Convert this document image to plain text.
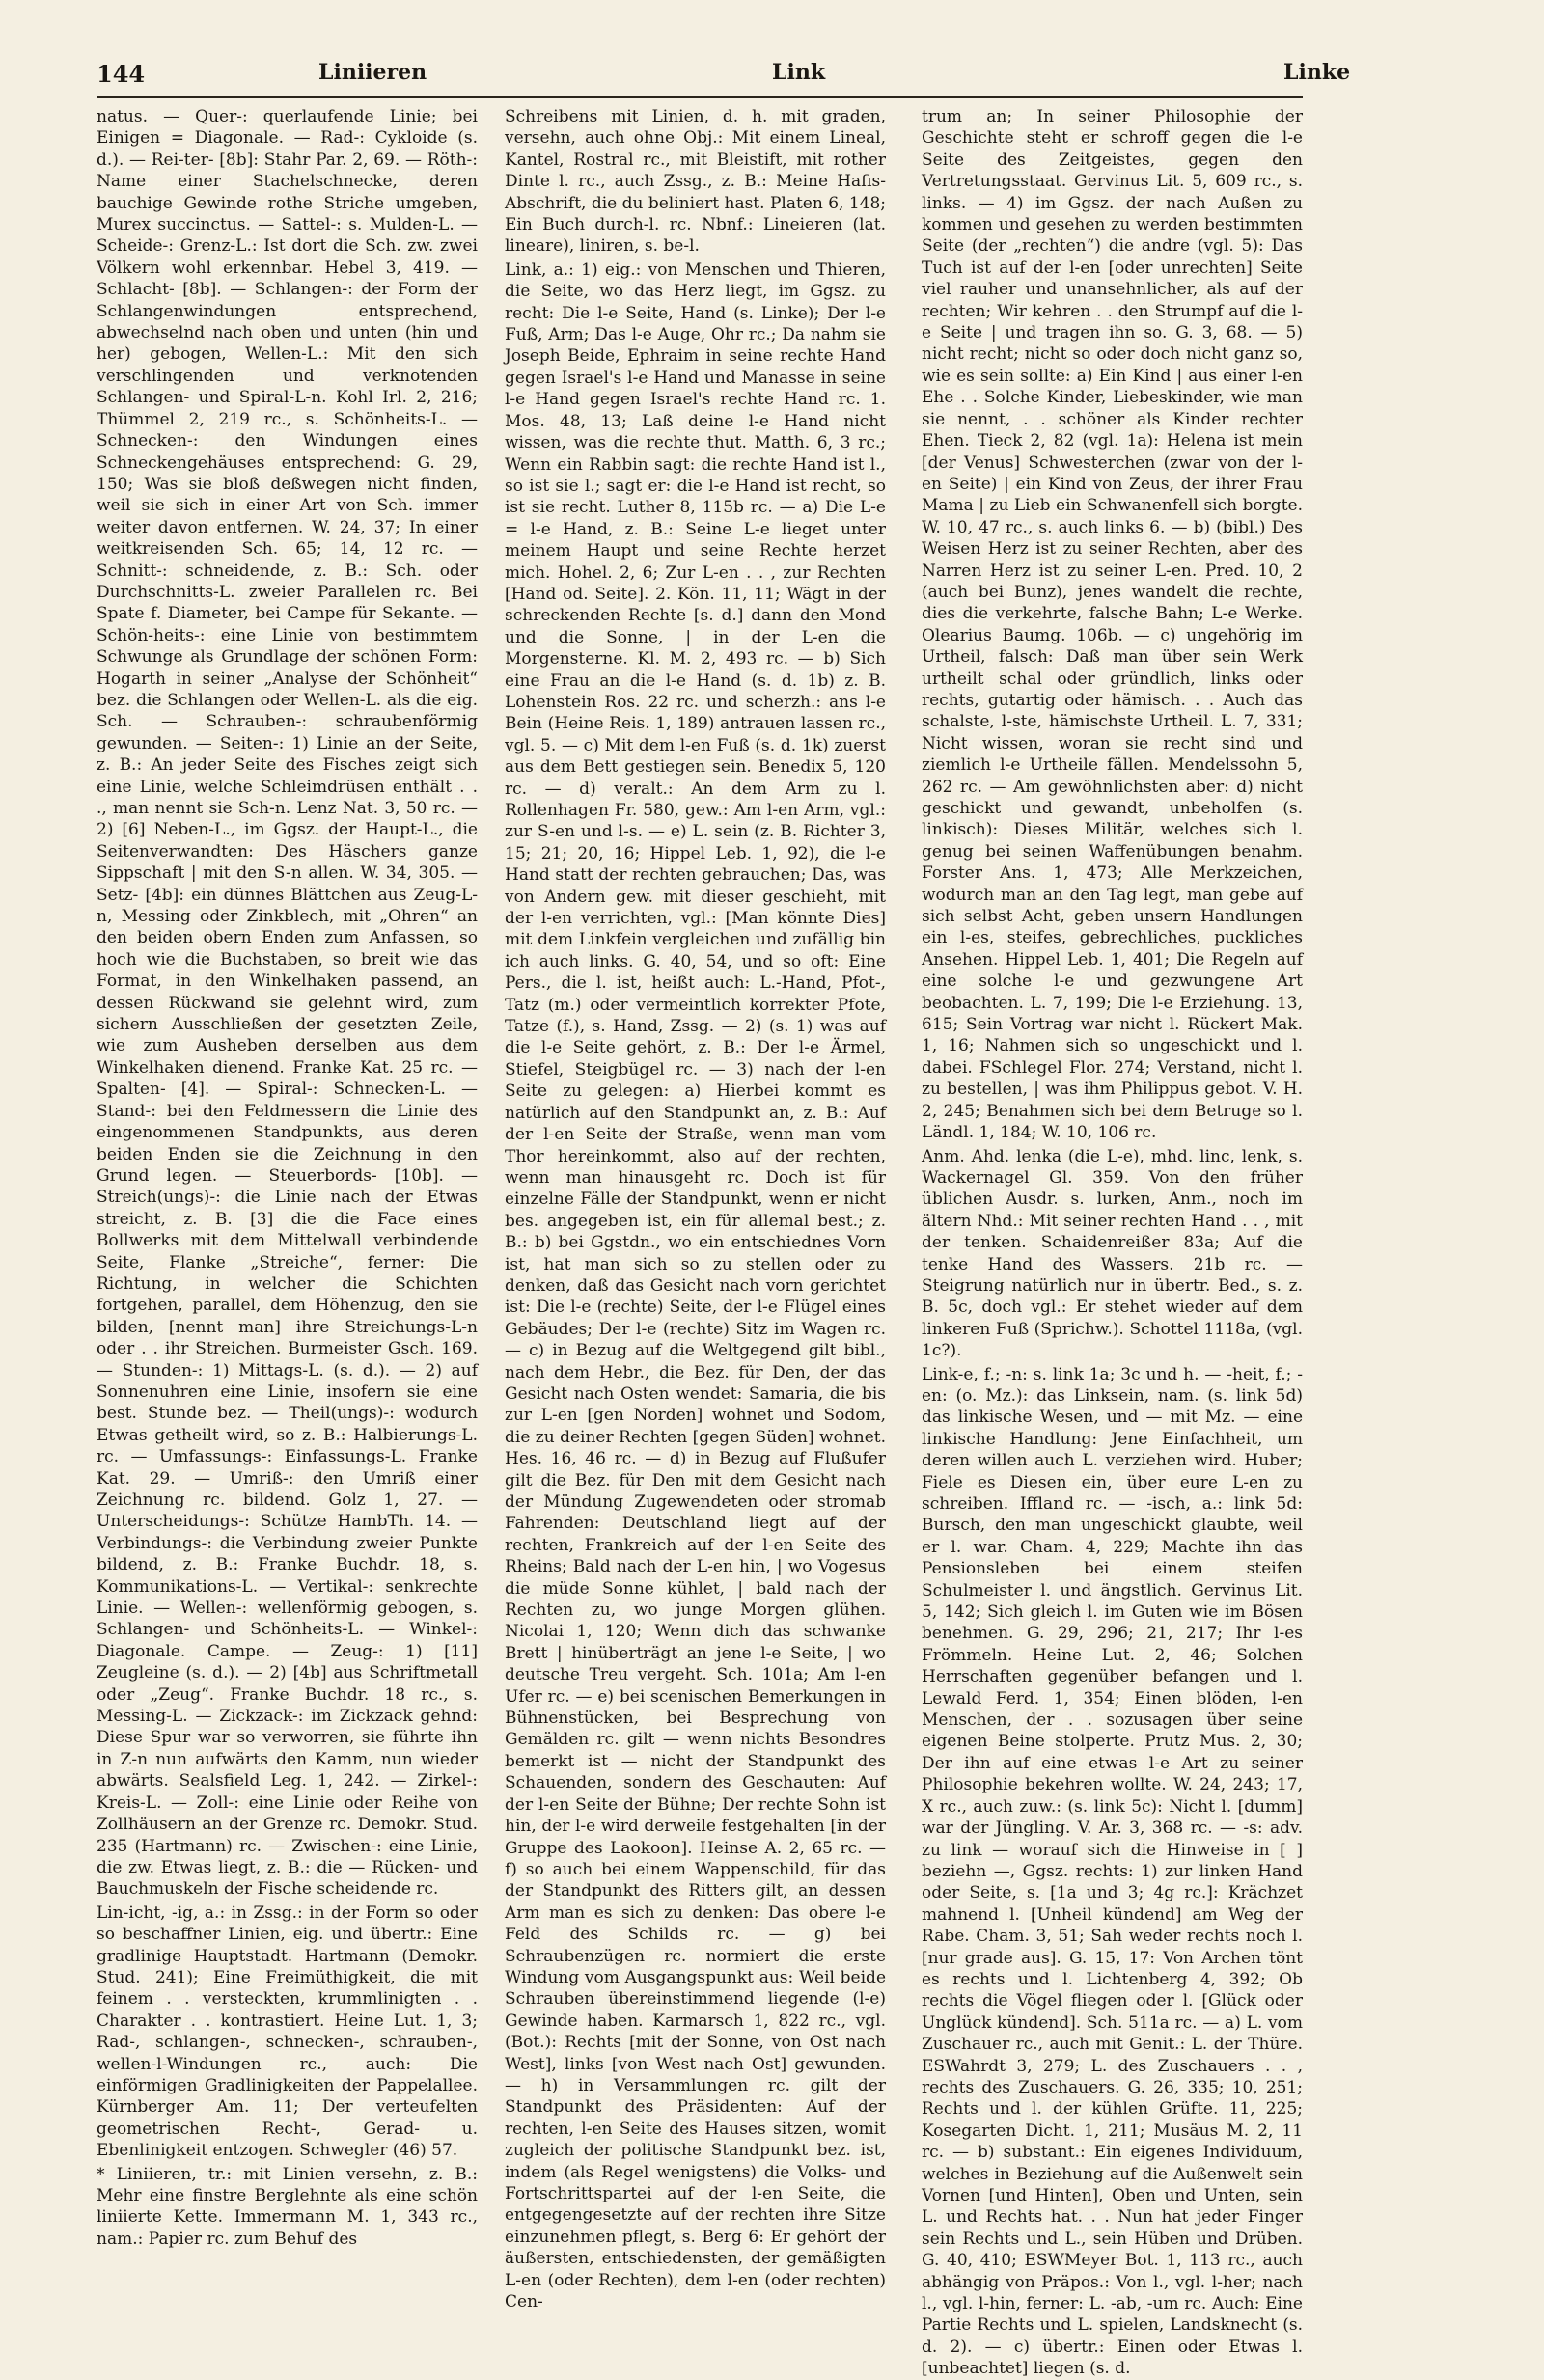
144	Liniieren	Link	Linke

natus. — Quer-: querlaufende Linie; bei Einigen = Diagonale. — Rad-: Cykloide (s. d.). — Rei-ter- [8b]: Stahr Par. 2, 69. — Röth-: Name einer Stachelschnecke, deren bauchige Gewinde rothe Striche umgeben, Murex succinctus. — Sattel-: s. Mulden-L. — Scheide-: Grenz-L.: Ist dort die Sch. zw. zwei Völkern wohl erkennbar. Hebel 3, 419. — Schlacht- [8b]. — Schlangen-: der Form der Schlangenwindungen entsprechend, abwechselnd nach oben und unten (hin und her) gebogen, Wellen-L.: Mit den sich verschlingenden und verknotenden Schlangen- und Spiral-L-n. Kohl Irl. 2, 216; Thümmel 2, 219 rc., s. Schönheits-L. — Schnecken-: den Windungen eines Schneckengehäuses entsprechend: G. 29, 150; Was sie bloß deßwegen nicht finden, weil sie sich in einer Art von Sch. immer weiter davon entfernen. W. 24, 37; In einer weitkreisenden Sch. 65; 14, 12 rc. — Schnitt-: schneidende, z. B.: Sch. oder Durchschnitts-L. zweier Parallelen rc. Bei Spate f. Diameter, bei Campe für Sekante. — Schön-heits-: eine Linie von bestimmtem Schwunge als Grundlage der schönen Form: Hogarth in seiner „Analyse der Schönheit“ bez. die Schlangen oder Wellen-L. als die eig. Sch. — Schrauben-: schraubenförmig gewunden. — Seiten-: 1) Linie an der Seite, z. B.: An jeder Seite des Fisches zeigt sich eine Linie, welche Schleimdrüsen enthält . . ., man nennt sie Sch-n. Lenz Nat. 3, 50 rc. — 2) [6] Neben-L., im Ggsz. der Haupt-L., die Seitenverwandten: Des Häschers ganze Sippschaft | mit den S-n allen. W. 34, 305. — Setz- [4b]: ein dünnes Blättchen aus Zeug-L-n, Messing oder Zinkblech, mit „Ohren“ an den beiden obern Enden zum Anfassen, so hoch wie die Buchstaben, so breit wie das Format, in den Winkelhaken passend, an dessen Rückwand sie gelehnt wird, zum sichern Ausschließen der gesetzten Zeile, wie zum Ausheben derselben aus dem Winkelhaken dienend. Franke Kat. 25 rc. — Spalten- [4]. — Spiral-: Schnecken-L. — Stand-: bei den Feldmessern die Linie des eingenommenen Standpunkts, aus deren beiden Enden sie die Zeichnung in den Grund legen. — Steuerbords- [10b]. — Streich(ungs)-: die Linie nach der Etwas streicht, z. B. [3] die die Face eines Bollwerks mit dem Mittelwall verbindende Seite, Flanke „Streiche“, ferner: Die Richtung, in welcher die Schichten fortgehen, parallel, dem Höhenzug, den sie bilden, [nennt man] ihre Streichungs-L-n oder . . ihr Streichen. Burmeister Gsch. 169. — Stunden-: 1) Mittags-L. (s. d.). — 2) auf Sonnenuhren eine Linie, insofern sie eine best. Stunde bez. — Theil(ungs)-: wodurch Etwas getheilt wird, so z. B.: Halbierungs-L. rc. — Umfassungs-: Einfassungs-L. Franke Kat. 29. — Umriß-: den Umriß einer Zeichnung rc. bildend. Golz 1, 27. — Unterscheidungs-: Schütze HambTh. 14. — Verbindungs-: die Verbindung zweier Punkte bildend, z. B.: Franke Buchdr. 18, s. Kommunikations-L. — Vertikal-: senkrechte Linie. — Wellen-: wellenförmig gebogen, s. Schlangen- und Schönheits-L. — Winkel-: Diagonale. Campe. — Zeug-: 1) [11] Zeugleine (s. d.). — 2) [4b] aus Schriftmetall oder „Zeug“. Franke Buchdr. 18 rc., s. Messing-L. — Zickzack-: im Zickzack gehnd: Diese Spur war so verworren, sie führte ihn in Z-n nun aufwärts den Kamm, nun wieder abwärts. Sealsfield Leg. 1, 242. — Zirkel-: Kreis-L. — Zoll-: eine Linie oder Reihe von Zollhäusern an der Grenze rc. Demokr. Stud. 235 (Hartmann) rc. — Zwischen-: eine Linie, die zw. Etwas liegt, z. B.: die — Rücken- und Bauchmuskeln der Fische scheidende rc.

Lin-icht, -ig, a.: in Zssg.: in der Form so oder so beschaffner Linien, eig. und übertr.: Eine gradlinige Hauptstadt. Hartmann (Demokr. Stud. 241); Eine Freimüthigkeit, die mit feinem . . versteckten, krummlinigten . . Charakter . . kontrastiert. Heine Lut. 1, 3; Rad-, schlangen-, schnecken-, schrauben-, wellen-l-Windungen rc., auch: Die einförmigen Gradlinigkeiten der Pappelallee. Kürnberger Am. 11; Der verteufelten geometrischen Recht-, Gerad- u. Ebenlinigkeit entzogen. Schwegler (46) 57.

* Liniieren, tr.: mit Linien versehn, z. B.: Mehr eine finstre Berglehnte als eine schön liniierte Kette. Immermann M. 1, 343 rc., nam.: Papier rc. zum Behuf des

Schreibens mit Linien, d. h. mit graden, versehn, auch ohne Obj.: Mit einem Lineal, Kantel, Rostral rc., mit Bleistift, mit rother Dinte l. rc., auch Zssg., z. B.: Meine Hafis-Abschrift, die du beliniert hast. Platen 6, 148; Ein Buch durch-l. rc. Nbnf.: Lineieren (lat. lineare), liniren, s. be-l.

Link, a.: 1) eig.: von Menschen und Thieren, die Seite, wo das Herz liegt, im Ggsz. zu recht: Die l-e Seite, Hand (s. Linke); Der l-e Fuß, Arm; Das l-e Auge, Ohr rc.; Da nahm sie Joseph Beide, Ephraim in seine rechte Hand gegen Israel's l-e Hand und Manasse in seine l-e Hand gegen Israel's rechte Hand rc. 1. Mos. 48, 13; Laß deine l-e Hand nicht wissen, was die rechte thut. Matth. 6, 3 rc.; Wenn ein Rabbin sagt: die rechte Hand ist l., so ist sie l.; sagt er: die l-e Hand ist recht, so ist sie recht. Luther 8, 115b rc. — a) Die L-e = l-e Hand, z. B.: Seine L-e lieget unter meinem Haupt und seine Rechte herzet mich. Hohel. 2, 6; Zur L-en . . , zur Rechten [Hand od. Seite]. 2. Kön. 11, 11; Wägt in der schreckenden Rechte [s. d.] dann den Mond und die Sonne, | in der L-en die Morgensterne. Kl. M. 2, 493 rc. — b) Sich eine Frau an die l-e Hand (s. d. 1b) z. B. Lohenstein Ros. 22 rc. und scherzh.: ans l-e Bein (Heine Reis. 1, 189) antrauen lassen rc., vgl. 5. — c) Mit dem l-en Fuß (s. d. 1k) zuerst aus dem Bett gestiegen sein. Benedix 5, 120 rc. — d) veralt.: An dem Arm zu l. Rollenhagen Fr. 580, gew.: Am l-en Arm, vgl.: zur S-en und l-s. — e) L. sein (z. B. Richter 3, 15; 21; 20, 16; Hippel Leb. 1, 92), die l-e Hand statt der rechten gebrauchen; Das, was von Andern gew. mit dieser geschieht, mit der l-en verrichten, vgl.: [Man könnte Dies] mit dem Linkfein vergleichen und zufällig bin ich auch links. G. 40, 54, und so oft: Eine Pers., die l. ist, heißt auch: L.-Hand, Pfot-, Tatz (m.) oder vermeintlich korrekter Pfote, Tatze (f.), s. Hand, Zssg. — 2) (s. 1) was auf die l-e Seite gehört, z. B.: Der l-e Ärmel, Stiefel, Steigbügel rc. — 3) nach der l-en Seite zu gelegen: a) Hierbei kommt es natürlich auf den Standpunkt an, z. B.: Auf der l-en Seite der Straße, wenn man vom Thor hereinkommt, also auf der rechten, wenn man hinausgeht rc. Doch ist für einzelne Fälle der Standpunkt, wenn er nicht bes. angegeben ist, ein für allemal best.; z. B.: b) bei Ggstdn., wo ein entschiednes Vorn ist, hat man sich so zu stellen oder zu denken, daß das Gesicht nach vorn gerichtet ist: Die l-e (rechte) Seite, der l-e Flügel eines Gebäudes; Der l-e (rechte) Sitz im Wagen rc. — c) in Bezug auf die Weltgegend gilt bibl., nach dem Hebr., die Bez. für Den, der das Gesicht nach Osten wendet: Samaria, die bis zur L-en [gen Norden] wohnet und Sodom, die zu deiner Rechten [gegen Süden] wohnet. Hes. 16, 46 rc. — d) in Bezug auf Flußufer gilt die Bez. für Den mit dem Gesicht nach der Mündung Zugewendeten oder stromab Fahrenden: Deutschland liegt auf der rechten, Frankreich auf der l-en Seite des Rheins; Bald nach der L-en hin, | wo Vogesus die müde Sonne kühlet, | bald nach der Rechten zu, wo junge Morgen glühen. Nicolai 1, 120; Wenn dich das schwanke Brett | hinüberträgt an jene l-e Seite, | wo deutsche Treu vergeht. Sch. 101a; Am l-en Ufer rc. — e) bei scenischen Bemerkungen in Bühnenstücken, bei Besprechung von Gemälden rc. gilt — wenn nichts Besondres bemerkt ist — nicht der Standpunkt des Schauenden, sondern des Geschauten: Auf der l-en Seite der Bühne; Der rechte Sohn ist hin, der l-e wird derweile festgehalten [in der Gruppe des Laokoon]. Heinse A. 2, 65 rc. — f) so auch bei einem Wappenschild, für das der Standpunkt des Ritters gilt, an dessen Arm man es sich zu denken: Das obere l-e Feld des Schilds rc. — g) bei Schraubenzügen rc. normiert die erste Windung vom Ausgangspunkt aus: Weil beide Schrauben übereinstimmend liegende (l-e) Gewinde haben. Karmarsch 1, 822 rc., vgl. (Bot.): Rechts [mit der Sonne, von Ost nach West], links [von West nach Ost] gewunden. — h) in Versammlungen rc. gilt der Standpunkt des Präsidenten: Auf der rechten, l-en Seite des Hauses sitzen, womit zugleich der politische Standpunkt bez. ist, indem (als Regel wenigstens) die Volks- und Fortschrittspartei auf der l-en Seite, die entgegengesetzte auf der rechten ihre Sitze einzunehmen pflegt, s. Berg 6: Er gehört der äußersten, entschiedensten, der gemäßigten L-en (oder Rechten), dem l-en (oder rechten) Cen-

trum an; In seiner Philosophie der Geschichte steht er schroff gegen die l-e Seite des Zeitgeistes, gegen den Vertretungsstaat. Gervinus Lit. 5, 609 rc., s. links. — 4) im Ggsz. der nach Außen zu kommen und gesehen zu werden bestimmten Seite (der „rechten“) die andre (vgl. 5): Das Tuch ist auf der l-en [oder unrechten] Seite viel rauher und unansehnlicher, als auf der rechten; Wir kehren . . den Strumpf auf die l-e Seite | und tragen ihn so. G. 3, 68. — 5) nicht recht; nicht so oder doch nicht ganz so, wie es sein sollte: a) Ein Kind | aus einer l-en Ehe . . Solche Kinder, Liebeskinder, wie man sie nennt, . . schöner als Kinder rechter Ehen. Tieck 2, 82 (vgl. 1a): Helena ist mein [der Venus] Schwesterchen (zwar von der l-en Seite) | ein Kind von Zeus, der ihrer Frau Mama | zu Lieb ein Schwanenfell sich borgte. W. 10, 47 rc., s. auch links 6. — b) (bibl.) Des Weisen Herz ist zu seiner Rechten, aber des Narren Herz ist zu seiner L-en. Pred. 10, 2 (auch bei Bunz), jenes wandelt die rechte, dies die verkehrte, falsche Bahn; L-e Werke. Olearius Baumg. 106b. — c) ungehörig im Urtheil, falsch: Daß man über sein Werk urtheilt schal oder gründlich, links oder rechts, gutartig oder hämisch. . . Auch das schalste, l-ste, hämischste Urtheil. L. 7, 331; Nicht wissen, woran sie recht sind und ziemlich l-e Urtheile fällen. Mendelssohn 5, 262 rc. — Am gewöhnlichsten aber: d) nicht geschickt und gewandt, unbeholfen (s. linkisch): Dieses Militär, welches sich l. genug bei seinen Waffenübungen benahm. Forster Ans. 1, 473; Alle Merkzeichen, wodurch man an den Tag legt, man gebe auf sich selbst Acht, geben unsern Handlungen ein l-es, steifes, gebrechliches, puckliches Ansehen. Hippel Leb. 1, 401; Die Regeln auf eine solche l-e und gezwungene Art beobachten. L. 7, 199; Die l-e Erziehung. 13, 615; Sein Vortrag war nicht l. Rückert Mak. 1, 16; Nahmen sich so ungeschickt und l. dabei. FSchlegel Flor. 274; Verstand, nicht l. zu bestellen, | was ihm Philippus gebot. V. H. 2, 245; Benahmen sich bei dem Betruge so l. Ländl. 1, 184; W. 10, 106 rc.

Anm. Ahd. lenka (die L-e), mhd. linc, lenk, s. Wackernagel Gl. 359. Von den früher üblichen Ausdr. s. lurken, Anm., noch im ältern Nhd.: Mit seiner rechten Hand . . , mit der tenken. Schaidenreißer 83a; Auf die tenke Hand des Wassers. 21b rc. — Steigrung natürlich nur in übertr. Bed., s. z. B. 5c, doch vgl.: Er stehet wieder auf dem linkeren Fuß (Sprichw.). Schottel 1118a, (vgl. 1c?).

Link-e, f.; -n: s. link 1a; 3c und h. — -heit, f.; -en: (o. Mz.): das Linksein, nam. (s. link 5d) das linkische Wesen, und — mit Mz. — eine linkische Handlung: Jene Einfachheit, um deren willen auch L. verziehen wird. Huber; Fiele es Diesen ein, über eure L-en zu schreiben. Iffland rc. — -isch, a.: link 5d: Bursch, den man ungeschickt glaubte, weil er l. war. Cham. 4, 229; Machte ihn das Pensionsleben bei einem steifen Schulmeister l. und ängstlich. Gervinus Lit. 5, 142; Sich gleich l. im Guten wie im Bösen benehmen. G. 29, 296; 21, 217; Ihr l-es Frömmeln. Heine Lut. 2, 46; Solchen Herrschaften gegenüber befangen und l. Lewald Ferd. 1, 354; Einen blöden, l-en Menschen, der . . sozusagen über seine eigenen Beine stolperte. Prutz Mus. 2, 30; Der ihn auf eine etwas l-e Art zu seiner Philosophie bekehren wollte. W. 24, 243; 17, X rc., auch zuw.: (s. link 5c): Nicht l. [dumm] war der Jüngling. V. Ar. 3, 368 rc. — -s: adv. zu link — worauf sich die Hinweise in [ ] beziehn —, Ggsz. rechts: 1) zur linken Hand oder Seite, s. [1a und 3; 4g rc.]: Krächzet mahnend l. [Unheil kündend] am Weg der Rabe. Cham. 3, 51; Sah weder rechts noch l. [nur grade aus]. G. 15, 17: Von Archen tönt es rechts und l. Lichtenberg 4, 392; Ob rechts die Vögel fliegen oder l. [Glück oder Unglück kündend]. Sch. 511a rc. — a) L. vom Zuschauer rc., auch mit Genit.: L. der Thüre. ESWahrdt 3, 279; L. des Zuschauers . . , rechts des Zuschauers. G. 26, 335; 10, 251; Rechts und l. der kühlen Grüfte. 11, 225; Kosegarten Dicht. 1, 211; Musäus M. 2, 11 rc. — b) substant.: Ein eigenes Individuum, welches in Beziehung auf die Außenwelt sein Vornen [und Hinten], Oben und Unten, sein L. und Rechts hat. . . Nun hat jeder Finger sein Rechts und L., sein Hüben und Drüben. G. 40, 410; ESWMeyer Bot. 1, 113 rc., auch abhängig von Präpos.: Von l., vgl. l-her; nach l., vgl. l-hin, ferner: L. -ab, -um rc. Auch: Eine Partie Rechts und L. spielen, Landsknecht (s. d. 2). — c) übertr.: Einen oder Etwas l. [unbeachtet] liegen (s. d.
